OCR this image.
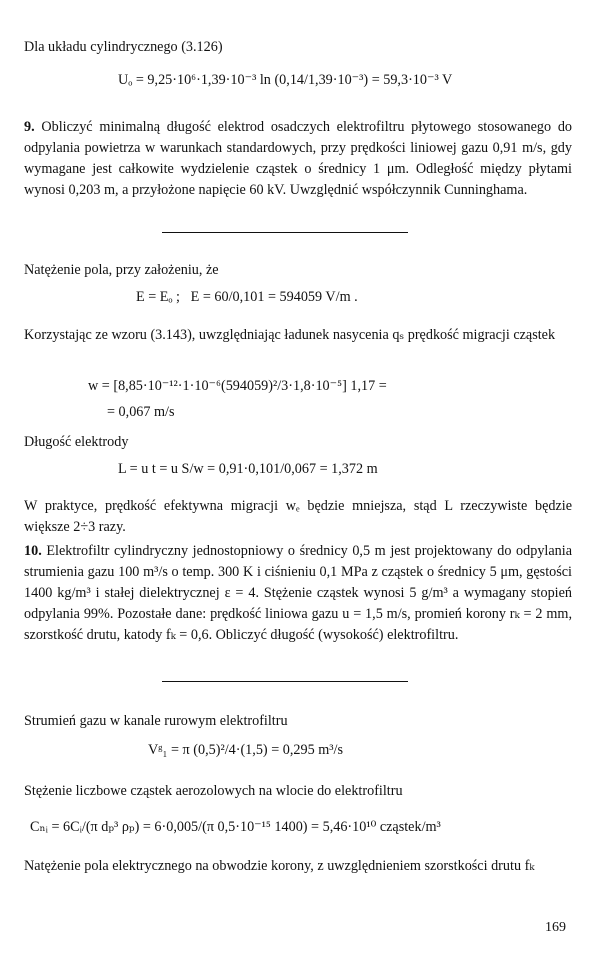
Dla układu cylindrycznego (3.126)
Uₒ = 9,25·10⁶·1,39·10⁻³ ln (0,14/1,39·10⁻³) = 59,3·10⁻³ V
9. Obliczyć minimalną długość elektrod osadczych elektrofiltru płytowego stosowanego do odpylania powietrza w warunkach standardowych, przy prędkości liniowej gazu 0,91 m/s, gdy wymagane jest całkowite wydzielenie cząstek o średnicy 1 μm. Odległość między płytami wynosi 0,203 m, a przyłożone napięcie 60 kV. Uwzględnić współczynnik Cunninghama.
Natężenie pola, przy założeniu, że
E = Eₒ ;   E = 60/0,101 = 594059 V/m .
Korzystając ze wzoru (3.143), uwzględniając ładunek nasycenia qₛ prędkość migracji cząstek
w = [8,85·10⁻¹²·1·10⁻⁶(594059)²/3·1,8·10⁻⁵] 1,17 =
= 0,067 m/s
Długość elektrody
L = u t = u S/w = 0,91·0,101/0,067 = 1,372 m
W praktyce, prędkość efektywna migracji wₑ będzie mniejsza, stąd L rzeczywiste będzie większe 2÷3 razy.
10. Elektrofiltr cylindryczny jednostopniowy o średnicy 0,5 m jest projektowany do odpylania strumienia gazu 100 m³/s o temp. 300 K i ciśnieniu 0,1 MPa z cząstek o średnicy 5 μm, gęstości 1400 kg/m³ i stałej dielektrycznej ε = 4. Stężenie cząstek wynosi 5 g/m³ a wymagany stopień odpylania 99%. Pozostałe dane: prędkość liniowa gazu u = 1,5 m/s, promień korony rₖ = 2 mm, szorstkość drutu, katody fₖ = 0,6. Obliczyć długość (wysokość) elektrofiltru.
Strumień gazu w kanale rurowym elektrofiltru
Vᵍ₁ = π (0,5)²/4·(1,5) = 0,295 m³/s
Stężenie liczbowe cząstek aerozolowych na wlocie do elektrofiltru
Cₙᵢ = 6Cᵢ/(π dₚ³ ρₚ) = 6·0,005/(π 0,5·10⁻¹⁵ 1400) = 5,46·10¹⁰ cząstek/m³
Natężenie pola elektrycznego na obwodzie korony, z uwzględnieniem szorstkości drutu fₖ
169
